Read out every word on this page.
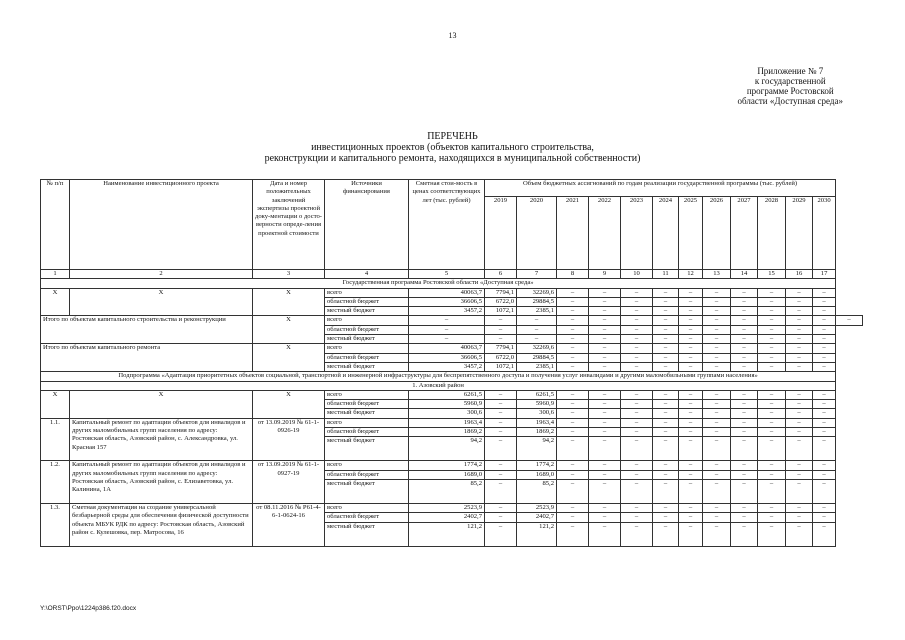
13
Приложение № 7
к государственной
программе Ростовской
области «Доступная среда»
ПЕРЕЧЕНЬ
инвестиционных проектов (объектов капитального строительства,
реконструкции и капитального ремонта, находящихся в муниципальной собственности)
№ п/п	Наименование инвестиционного проекта	Дата и номер положительных заключений экспертизы проектной доку-ментации о досто-верности опреде-ления проектной стоимости	Источники финансирования	Сметная стои-мость в ценах соответствующих лет (тыс. рублей)	Объем бюджетных ассигнований по годам реализации государственной программы (тыс. рублей)												
					2019	2020	2021	2022	2023	2024	2025	2026	2027	2028	2029	2030	
1	2	3	4	5	6	7	8	9	10	11	12	13	14	15	16	17	
Государственная программа Ростовской области «Доступная среда»																	
X	X	X	всего	40063,7	7794,1	32269,6	–	–	–	–	–	–	–	–	–	–	
			областной бюджет	36606,5	6722,0	29884,5	–	–	–	–	–	–	–	–	–	–	
			местный бюджет	3457,2	1072,1	2385,1	–	–	–	–	–	–	–	–	–	–	
Итого по объектам капитального строительства и реконструкции		X	всего	–	–	–	–	–	–	–	–	–	–	–	–	–	–
			областной бюджет	–	–	–	–	–	–	–	–	–	–	–	–	–	
			местный бюджет	–	–	–	–	–	–	–	–	–	–	–	–	–	
Итого по объектам капитального ремонта		X	всего	40063,7	7794,1	32269,6	–	–	–	–	–	–	–	–	–	–	
			областной бюджет	36606,5	6722,0	29884,5	–	–	–	–	–	–	–	–	–	–	
			местный бюджет	3457,2	1072,1	2385,1	–	–	–	–	–	–	–	–	–	–	
Подпрограмма «Адаптация приоритетных объектов социальной, транспортной и инженерной инфраструктуры для беспрепятственного доступа и получения услуг инвалидами и другими маломобильными группами населения»																	
1. Азовский район																	
X	X	X	всего	6261,5	–	6261,5	–	–	–	–	–	–	–	–	–	–	
			областной бюджет	5960,9	–	5960,9	–	–	–	–	–	–	–	–	–	–	
			местный бюджет	300,6	–	300,6	–	–	–	–	–	–	–	–	–	–	
1.1.	Капитальный ремонт по адаптации объектов для инвалидов и других маломобильных групп населения по адресу: Ростовская область, Азовский район, с. Александровка, ул. Красная 157	от 13.09.2019 № 61-1-0926-19	всего	1963,4	–	1963,4	–	–	–	–	–	–	–	–	–	–	
			областной бюджет	1869,2	–	1869,2	–	–	–	–	–	–	–	–	–	–	
			местный бюджет	94,2	–	94,2	–	–	–	–	–	–	–	–	–	–	
1.2.	Капитальный ремонт по адаптации объектов для инвалидов и других маломобильных групп населения по адресу: Ростовская область, Азовский район, с. Елизаветовка, ул. Калинина, 1А	от 13.09.2019 № 61-1-0927-19	всего	1774,2	–	1774,2	–	–	–	–	–	–	–	–	–	–	
			областной бюджет	1689,0	–	1689,0	–	–	–	–	–	–	–	–	–	–	
			местный бюджет	85,2	–	85,2	–	–	–	–	–	–	–	–	–	–	
1.3.	Сметная документация на создание универсальной безбарьерной среды для обеспечения физической доступности объекта МБУК РДК по адресу: Ростовская область, Азовский район с. Кулешовка, пер. Матросова, 16	от 08.11.2016 № Р61-4-6-1-0624-16	всего	2523,9	–	2523,9	–	–	–	–	–	–	–	–	–	–	
			областной бюджет	2402,7	–	2402,7	–	–	–	–	–	–	–	–	–	–	
			местный бюджет	121,2	–	121,2	–	–	–	–	–	–	–	–	–	–	
Y:\ORST\Ppo\1224p386.f20.docx
